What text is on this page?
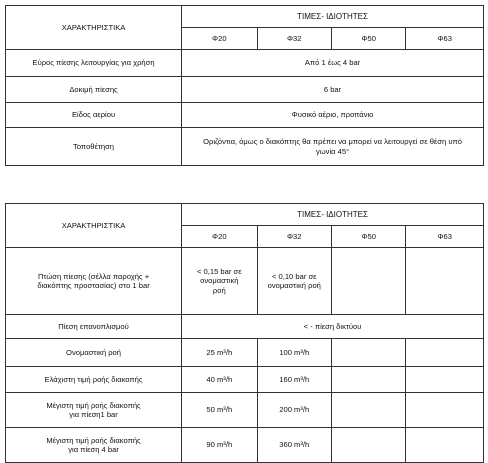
ΧΑΡΑΚΤΗΡΙΣΤΙΚΑ	ΤΙΜΕΣ- ΙΔΙΟΤΗΤΕΣ			
	Φ20	Φ32	Φ50	Φ63
Εύρος πίεσης λειτουργίας για χρήση	Από 1 έως 4 bar			
Δοκιμή πίεσης	6 bar			
Είδος αερίου	Φυσικό αέριο, προπάνιο			
Τοποθέτηση	Οριζόντια, όμως ο διακόπτης θα πρέπει να μπορεί να λειτουργεί σε θέση υπό γωνία 45°			
ΧΑΡΑΚΤΗΡΙΣΤΙΚΑ	ΤΙΜΕΣ- ΙΔΙΟΤΗΤΕΣ			
	Φ20	Φ32	Φ50	Φ63
Πτώση πίεσης (σέλλα παροχής + διακόπτης προστασίας) στο 1 bar	< 0,15 bar σε ονομαστική ροή	< 0,10 bar σε ονομαστική ροή		
Πίεση επανοπλισμού	< - πίεση δικτύου			
Ονομαστική ροή	25 m³/h	100 m³/h		
Ελάχιστη τιμή ροής διακοπής	40 m³/h	160 m³/h		
Μέγιστη τιμή ροής διακοπής για πίεση1 bar	50 m³/h	200 m³/h		
Μέγιστη τιμή ροής διακοπής για πίεση 4 bar	90 m³/h	360 m³/h		
